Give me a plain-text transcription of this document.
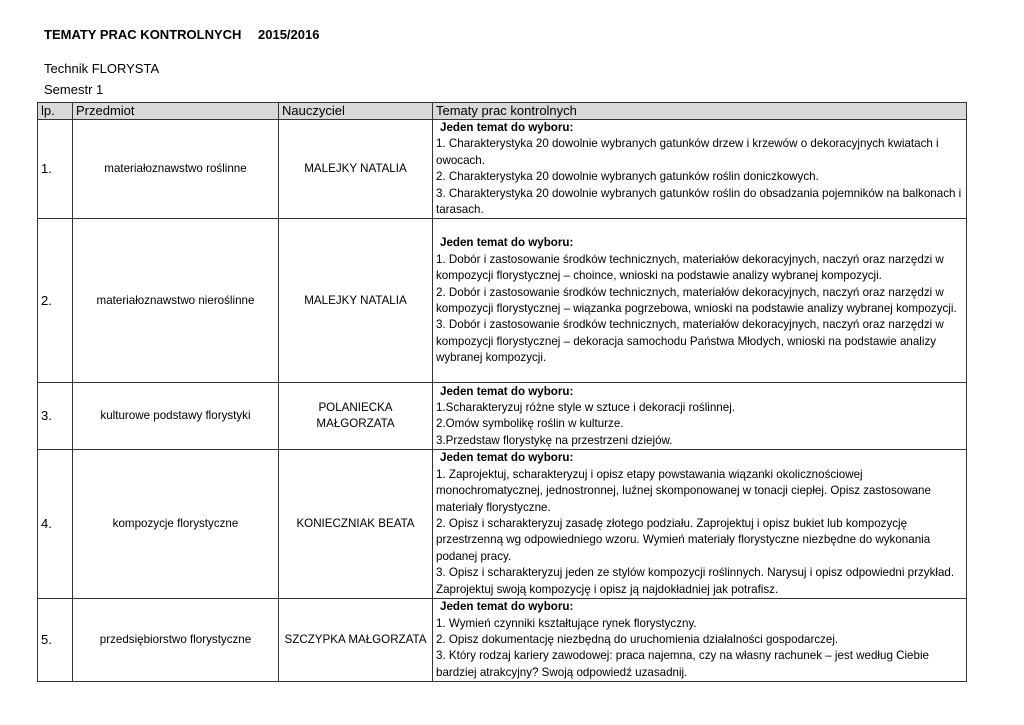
TEMATY PRAC KONTROLNYCH 2015/2016
Technik FLORYSTA
Semestr 1
lp.	Przedmiot	Nauczyciel	Tematy prac kontrolnych
1.	materiałoznawstwo roślinne	MALEJKY NATALIA	Jeden temat do wyboru:
1. Charakterystyka 20 dowolnie wybranych gatunków drzew i krzewów o dekoracyjnych kwiatach i owocach.
2. Charakterystyka 20 dowolnie wybranych gatunków roślin doniczkowych.
3. Charakterystyka 20 dowolnie wybranych gatunków roślin do obsadzania pojemników na balkonach i tarasach.

2.	materiałoznawstwo nieroślinne	MALEJKY NATALIA	Jeden temat do wyboru:
1. Dobór i zastosowanie środków technicznych, materiałów dekoracyjnych, naczyń oraz narzędzi w kompozycji florystycznej – choince, wnioski na podstawie analizy wybranej kompozycji.
2. Dobór i zastosowanie środków technicznych, materiałów dekoracyjnych, naczyń oraz narzędzi w kompozycji florystycznej – wiązanka pogrzebowa, wnioski na podstawie analizy wybranej kompozycji.
3. Dobór i zastosowanie środków technicznych, materiałów dekoracyjnych, naczyń oraz narzędzi w kompozycji florystycznej – dekoracja samochodu Państwa Młodych, wnioski na podstawie analizy wybranej kompozycji.

3.	kulturowe podstawy florystyki	POLANIECKA MAŁGORZATA	Jeden temat do wyboru:
1.Scharakteryzuj różne style w sztuce i dekoracji roślinnej.
2.Omów symbolikę roślin w kulturze.
3.Przedstaw florystykę na przestrzeni dziejów.

4.	kompozycje florystyczne	KONIECZNIAK BEATA	Jeden temat do wyboru:
1. Zaprojektuj, scharakteryzuj i opisz etapy powstawania wiązanki okolicznościowej monochromatycznej, jednostronnej, luźnej skomponowanej w tonacji ciepłej. Opisz zastosowane materiały florystyczne.
2. Opisz i scharakteryzuj zasadę złotego podziału. Zaprojektuj i opisz bukiet lub kompozycję przestrzenną wg odpowiedniego wzoru. Wymień materiały florystyczne niezbędne do wykonania podanej pracy.
3. Opisz i scharakteryzuj jeden ze stylów kompozycji roślinnych. Narysuj i opisz odpowiedni przykład. Zaprojektuj swoją kompozycję i opisz ją najdokładniej jak potrafisz.

5.	przedsiębiorstwo florystyczne	SZCZYPKA MAŁGORZATA	Jeden temat do wyboru:
1. Wymień czynniki kształtujące rynek florystyczny.
2. Opisz dokumentację niezbędną do uruchomienia działalności gospodarczej.
3. Który rodzaj kariery zawodowej: praca najemna, czy na własny rachunek – jest według Ciebie bardziej atrakcyjny? Swoją odpowiedź uzasadnij.
